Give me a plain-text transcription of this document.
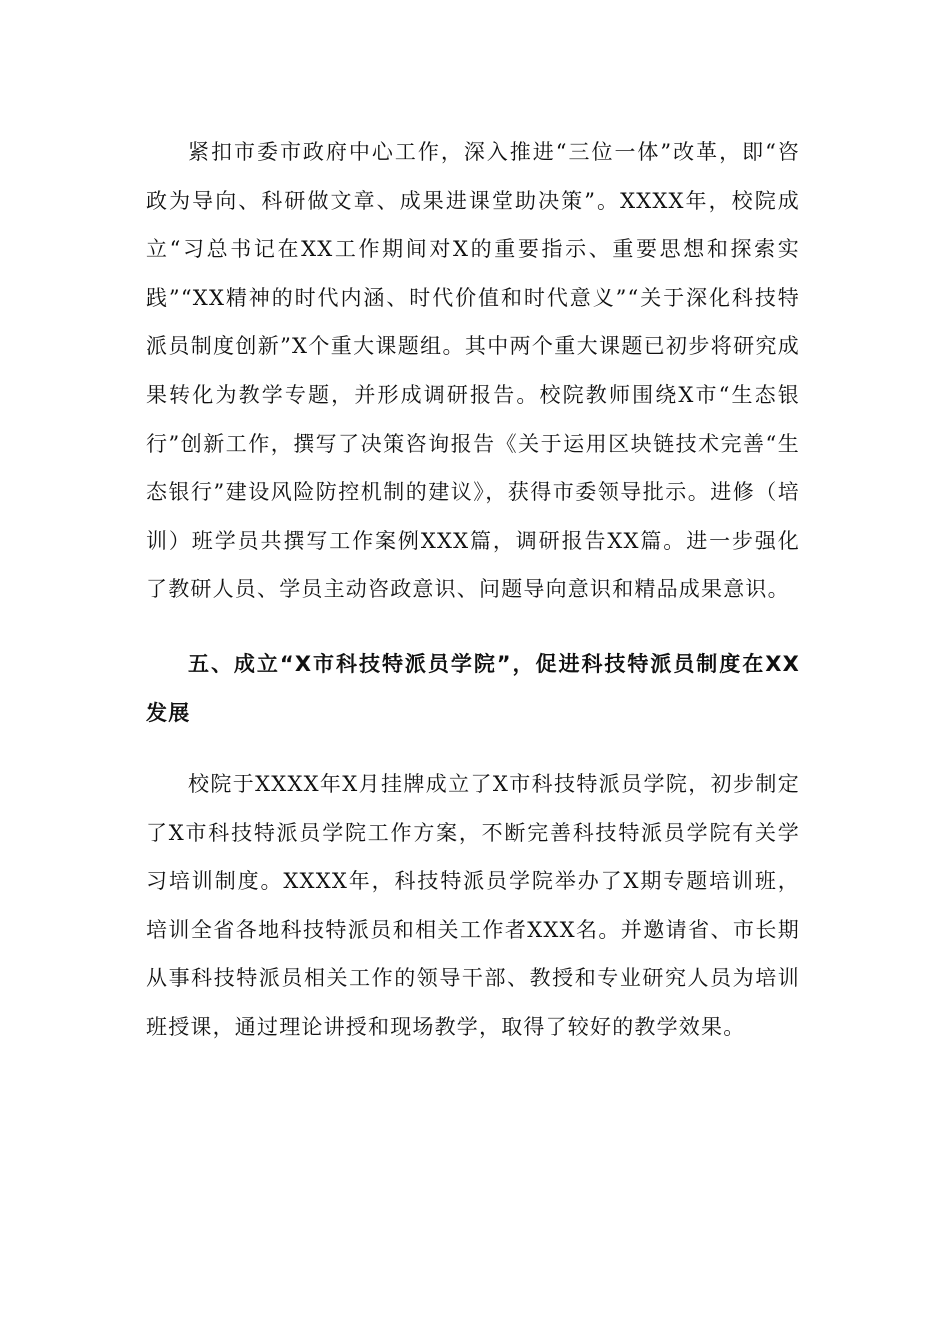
紧扣市委市政府中心工作，深入推进“三位一体”改革，即“咨政为导向、科研做文章、成果进课堂助决策”。XXXX年，校院成立“习总书记在XX工作期间对X的重要指示、重要思想和探索实践”“XX精神的时代内涵、时代价值和时代意义”“关于深化科技特派员制度创新”X个重大课题组。其中两个重大课题已初步将研究成果转化为教学专题，并形成调研报告。校院教师围绕X市“生态银行”创新工作，撰写了决策咨询报告《关于运用区块链技术完善“生态银行”建设风险防控机制的建议》，获得市委领导批示。进修（培训）班学员共撰写工作案例XXX篇，调研报告XX篇。进一步强化了教研人员、学员主动咨政意识、问题导向意识和精品成果意识。

五、成立“X市科技特派员学院”，促进科技特派员制度在XX发展

校院于XXXX年X月挂牌成立了X市科技特派员学院，初步制定了X市科技特派员学院工作方案，不断完善科技特派员学院有关学习培训制度。XXXX年，科技特派员学院举办了X期专题培训班，培训全省各地科技特派员和相关工作者XXX名。并邀请省、市长期从事科技特派员相关工作的领导干部、教授和专业研究人员为培训班授课，通过理论讲授和现场教学，取得了较好的教学效果。
